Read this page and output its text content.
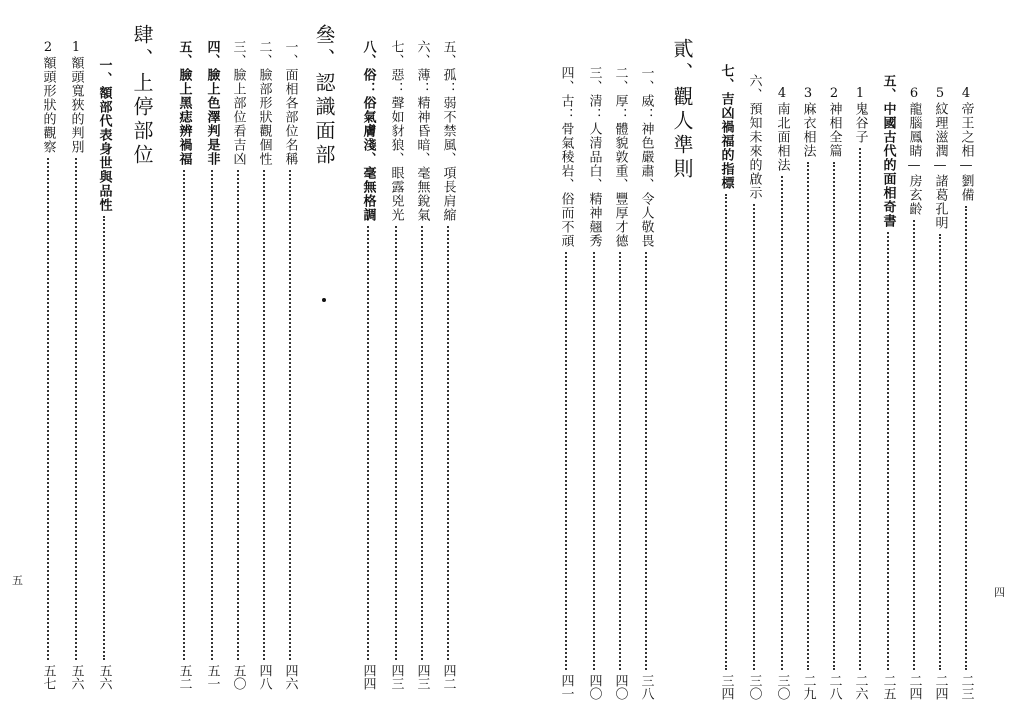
五
2額頭形狀的觀察
五七
1額頭寬狹的判別
五六
一、額部代表身世與品性
五六
肆、上停部位 五、臉上黑痣辨禍福
五二
四、臉上色澤判是非
五一
三、臉上部位看吉凶
五〇
二、臉部形狀觀個性
四八
一、面相各部位名稱
四六
叄、認識面部 八、俗：俗氣膚淺、毫無格調
四四
七、惡：聲如豺狼、眼露兇光
四三
六、薄：精神昏暗、毫無銳氣
四三
五、孤：弱不禁風、項長肩縮
四二
四、古：骨氣稜岩、俗而不頑
四一
三、清：人清品白、精神翹秀
四〇
二、厚：體貌敦重、豐厚才德
四〇
一、威：神色嚴肅、令人敬畏
三八
貳、觀人準則 七、吉凶禍福的指標
三四
六、預知未來的啟示
三〇
4南北面相法
三〇
3麻衣相法
二九
2神相全篇
二八
1鬼谷子
二六
五、中國古代的面相奇書
二五
6龍腦鳳睛—房玄齡
二四
5紋理滋潤—諸葛孔明
二四
4帝王之相—劉備
二三
四
